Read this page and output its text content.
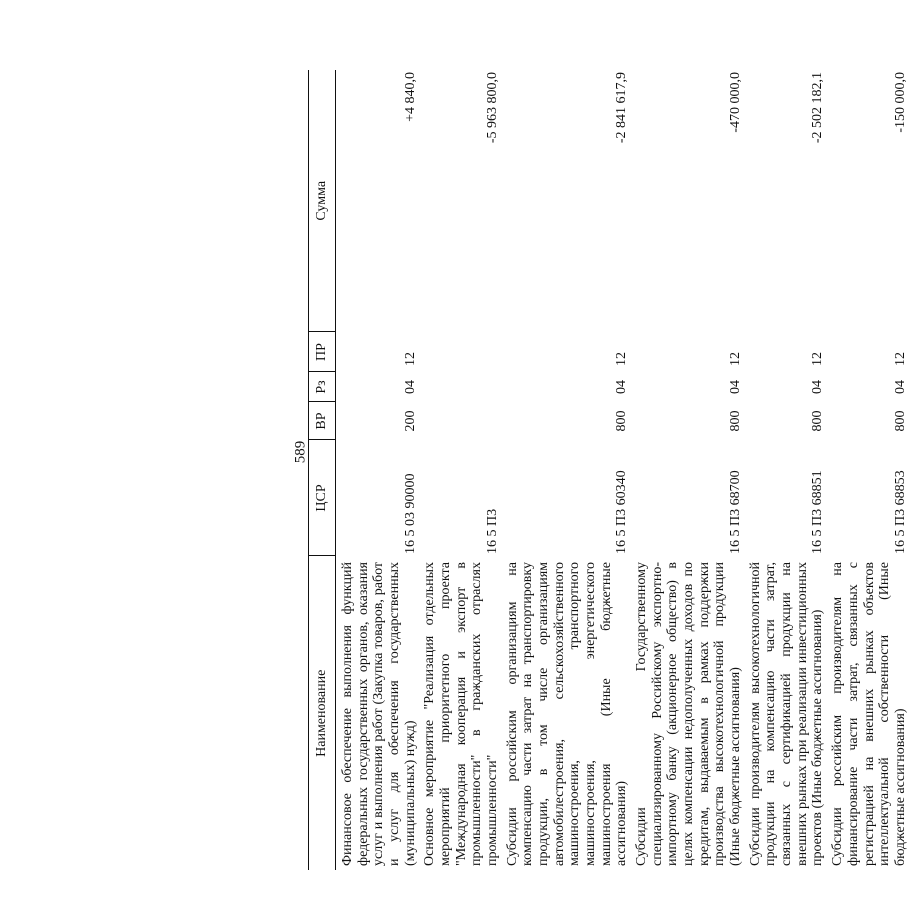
589
Наименование	ЦСР	ВР	Рз	ПР	Сумма

Финансовое обеспечение выполнения функций федеральных государственных органов, оказания услуг и выполнения работ (Закупка товаров, работ и услуг для обеспечения государственных (муниципальных) нужд)	16 5 03 90000	200	04	12	+4 840,0
Основное мероприятие "Реализация отдельных мероприятий приоритетного проекта "Международная кооперация и экспорт в промышленности" в гражданских отраслях промышленности"	16 5 П3				-5 963 800,0
Субсидии российским организациям на компенсацию части затрат на транспортировку продукции, в том числе организациям автомобилестроения, сельскохозяйственного машиностроения, транспортного машиностроения, энергетического машиностроения (Иные бюджетные ассигнования)	16 5 П3 60340	800	04	12	-2 841 617,9
Субсидии Государственному специализированному Российскому экспортно-импортному банку (акционерное общество) в целях компенсации недополученных доходов по кредитам, выдаваемым в рамках поддержки производства высокотехнологичной продукции (Иные бюджетные ассигнования)	16 5 П3 68700	800	04	12	-470 000,0
Субсидии производителям высокотехнологичной продукции на компенсацию части затрат, связанных с сертификацией продукции на внешних рынках при реализации инвестиционных проектов (Иные бюджетные ассигнования)	16 5 П3 68851	800	04	12	-2 502 182,1
Субсидии российским производителям на финансирование части затрат, связанных с регистрацией на внешних рынках объектов интеллектуальной собственности (Иные бюджетные ассигнования)	16 5 П3 68853	800	04	12	-150 000,0
